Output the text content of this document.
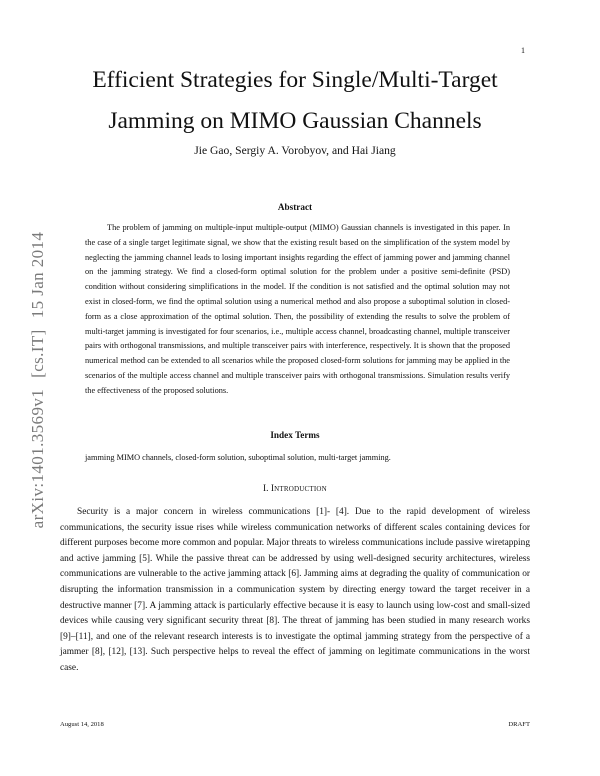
1
arXiv:1401.3569v1[cs.IT]15 Jan 2014
Efficient Strategies for Single/Multi-Target Jamming on MIMO Gaussian Channels
Jie Gao, Sergiy A. Vorobyov, and Hai Jiang
Abstract

The problem of jamming on multiple-input multiple-output (MIMO) Gaussian channels is investigated in this paper. In the case of a single target legitimate signal, we show that the existing result based on the simplification of the system model by neglecting the jamming channel leads to losing important insights regarding the effect of jamming power and jamming channel on the jamming strategy. We find a closed-form optimal solution for the problem under a positive semi-definite (PSD) condition without considering simplifications in the model. If the condition is not satisfied and the optimal solution may not exist in closed-form, we find the optimal solution using a numerical method and also propose a suboptimal solution in closed-form as a close approximation of the optimal solution. Then, the possibility of extending the results to solve the problem of multi-target jamming is investigated for four scenarios, i.e., multiple access channel, broadcasting channel, multiple transceiver pairs with orthogonal transmissions, and multiple transceiver pairs with interference, respectively. It is shown that the proposed numerical method can be extended to all scenarios while the proposed closed-form solutions for jamming may be applied in the scenarios of the multiple access channel and multiple transceiver pairs with orthogonal transmissions. Simulation results verify the effectiveness of the proposed solutions.

Index Terms

jamming MIMO channels, closed-form solution, suboptimal solution, multi-target jamming.

I. Introduction

Security is a major concern in wireless communications [1]- [4]. Due to the rapid development of wireless communications, the security issue rises while wireless communication networks of different scales containing devices for different purposes become more common and popular. Major threats to wireless communications include passive wiretapping and active jamming [5]. While the passive threat can be addressed by using well-designed security architectures, wireless communications are vulnerable to the active jamming attack [6]. Jamming aims at degrading the quality of communication or disrupting the information transmission in a communication system by directing energy toward the target receiver in a destructive manner [7]. A jamming attack is particularly effective because it is easy to launch using low-cost and small-sized devices while causing very significant security threat [8]. The threat of jamming has been studied in many research works [9]–[11], and one of the relevant research interests is to investigate the optimal jamming strategy from the perspective of a jammer [8], [12], [13]. Such perspective helps to reveal the effect of jamming on legitimate communications in the worst case.

August 14, 2018	DRAFT
